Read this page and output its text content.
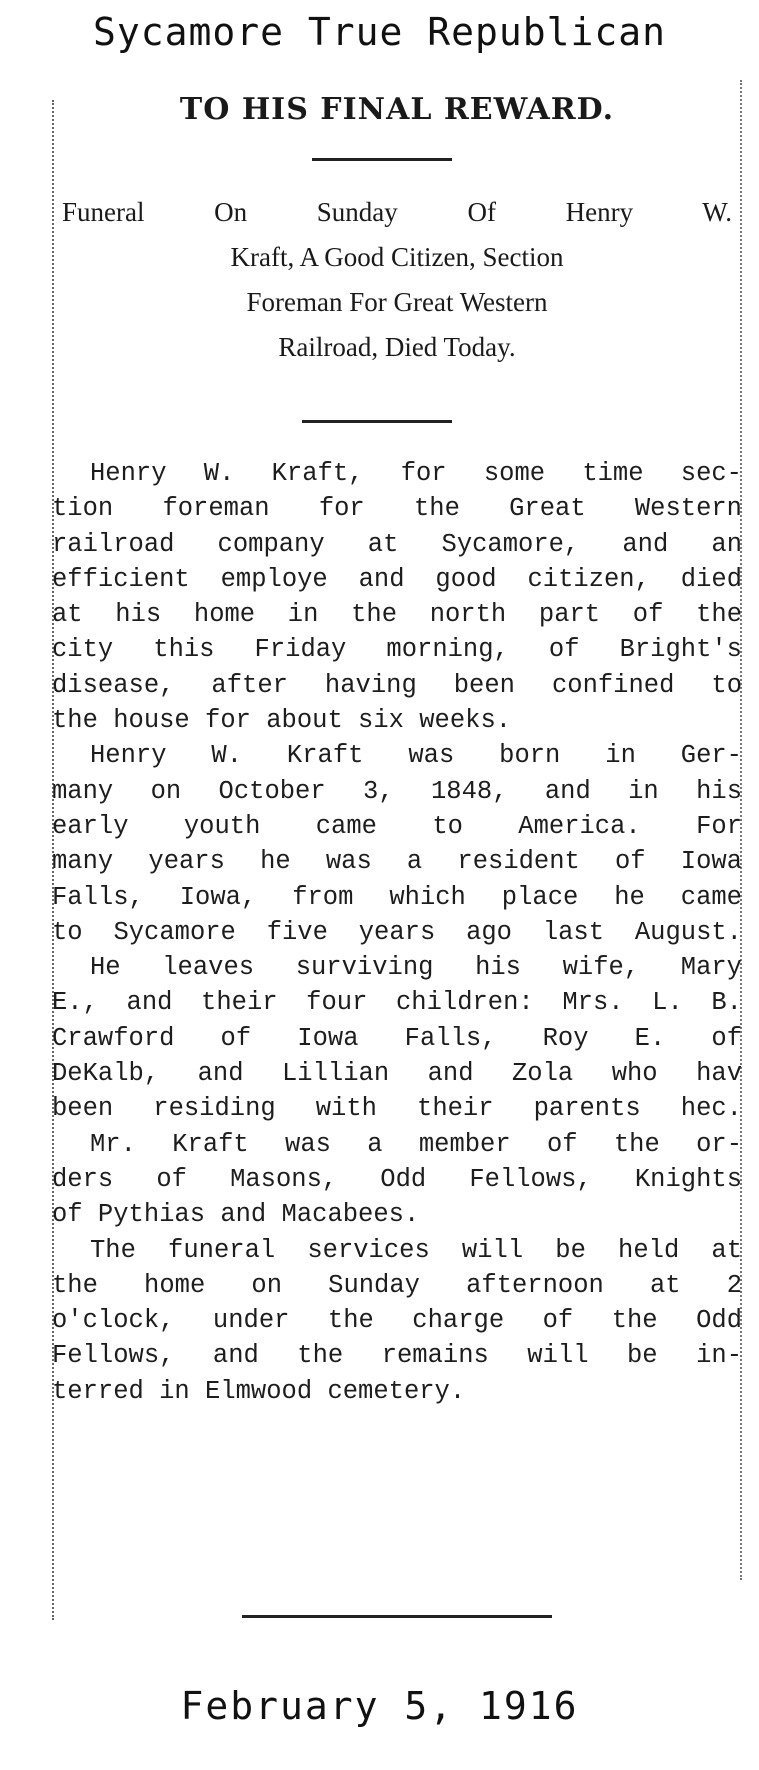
Sycamore True Republican
TO HIS FINAL REWARD.
Funeral On Sunday Of Henry W.
Kraft, A Good Citizen, Section
Foreman For Great Western
Railroad, Died Today.
Henry W. Kraft, for some time sec-
tion foreman for the Great Western
railroad company at Sycamore, and an
efficient employe and good citizen, died
at his home in the north part of the
city this Friday morning, of Bright's
disease, after having been confined to
the house for about six weeks.
Henry W. Kraft was born in Ger-
many on October 3, 1848, and in his
early youth came to America. For
many years he was a resident of Iowa
Falls, Iowa, from which place he came
to Sycamore five years ago last August.
He leaves surviving his wife, Mary
E., and their four children: Mrs. L. B.
Crawford of Iowa Falls, Roy E. of
DeKalb, and Lillian and Zola who hav
been residing with their parents hec.
Mr. Kraft was a member of the or-
ders of Masons, Odd Fellows, Knights
of Pythias and Macabees.
The funeral services will be held at
the home on Sunday afternoon at 2
o'clock, under the charge of the Odd
Fellows, and the remains will be in-
terred in Elmwood cemetery.
February 5, 1916
